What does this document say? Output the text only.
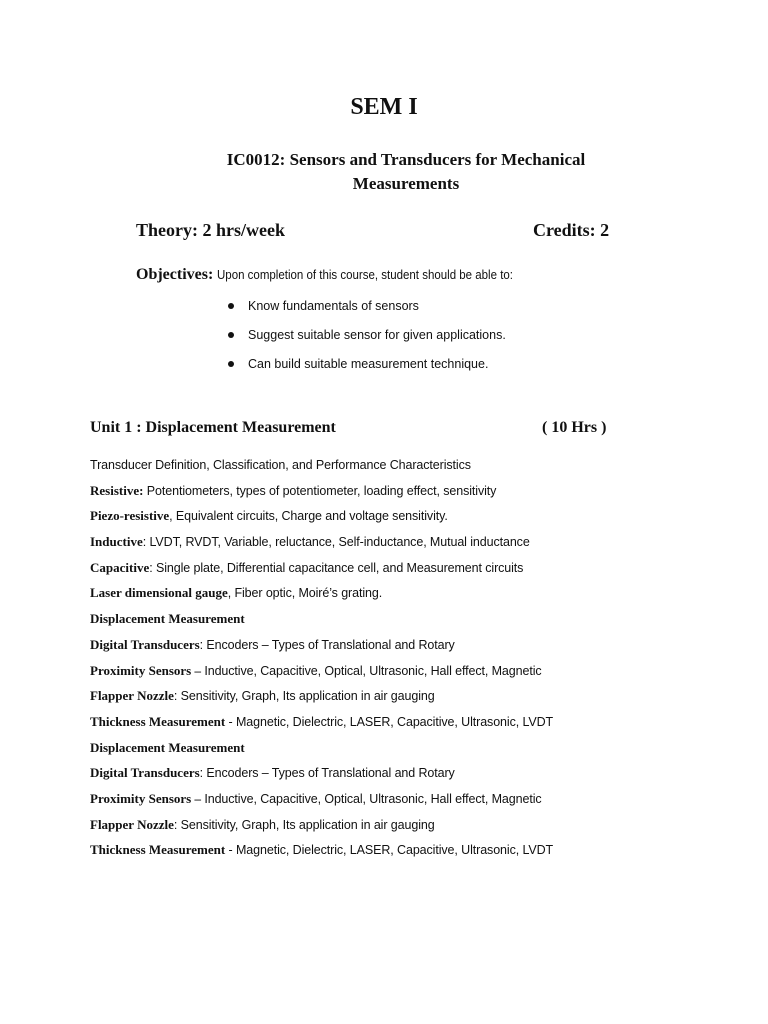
SEM I
IC0012: Sensors and Transducers for Mechanical Measurements
Theory: 2 hrs/week	Credits: 2
Objectives: Upon completion of this course, student should be able to:
Know fundamentals of sensors
Suggest suitable sensor for given applications.
Can build suitable measurement technique.
Unit 1 : Displacement Measurement	( 10 Hrs )
Transducer Definition, Classification, and Performance Characteristics
Resistive: Potentiometers, types of potentiometer, loading effect, sensitivity
Piezo-resistive, Equivalent circuits, Charge and voltage sensitivity.
Inductive: LVDT, RVDT, Variable, reluctance, Self-inductance, Mutual inductance
Capacitive: Single plate, Differential capacitance cell, and Measurement circuits
Laser dimensional gauge, Fiber optic, Moiré’s grating.
Displacement Measurement
Digital Transducers: Encoders – Types of Translational and Rotary
Proximity Sensors – Inductive, Capacitive, Optical, Ultrasonic, Hall effect, Magnetic
Flapper Nozzle: Sensitivity, Graph, Its application in air gauging
Thickness Measurement - Magnetic, Dielectric, LASER, Capacitive, Ultrasonic, LVDT
Displacement Measurement
Digital Transducers: Encoders – Types of Translational and Rotary
Proximity Sensors – Inductive, Capacitive, Optical, Ultrasonic, Hall effect, Magnetic
Flapper Nozzle: Sensitivity, Graph, Its application in air gauging
Thickness Measurement - Magnetic, Dielectric, LASER, Capacitive, Ultrasonic, LVDT
